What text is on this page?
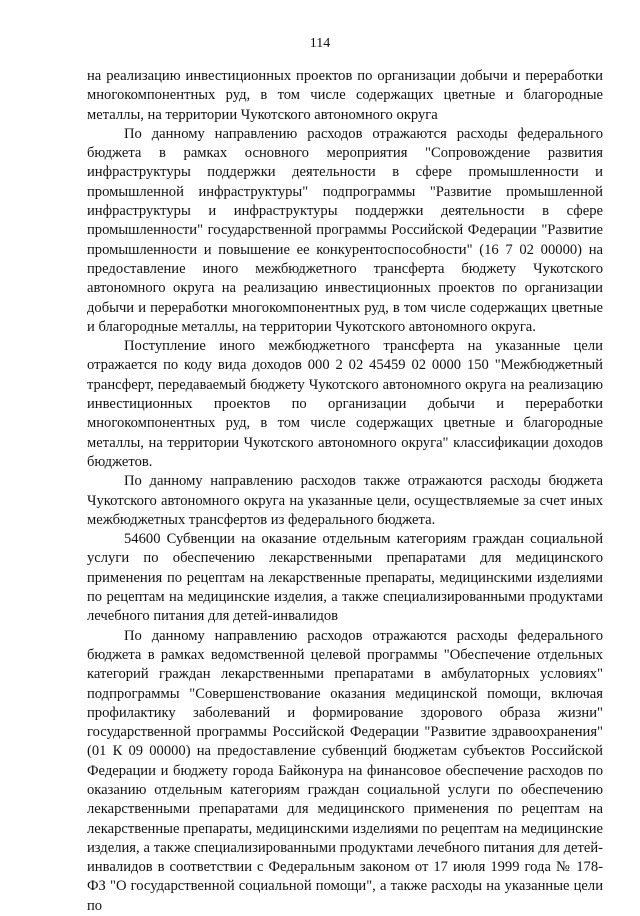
114

на реализацию инвестиционных проектов по организации добычи и переработки многокомпонентных руд, в том числе содержащих цветные и благородные металлы, на территории Чукотского автономного округа

По данному направлению расходов отражаются расходы федерального бюджета в рамках основного мероприятия "Сопровождение развития инфраструктуры поддержки деятельности в сфере промышленности и промышленной инфраструктуры" подпрограммы "Развитие промышленной инфраструктуры и инфраструктуры поддержки деятельности в сфере промышленности" государственной программы Российской Федерации "Развитие промышленности и повышение ее конкурентоспособности" (16 7 02 00000) на предоставление иного межбюджетного трансферта бюджету Чукотского автономного округа на реализацию инвестиционных проектов по организации добычи и переработки многокомпонентных руд, в том числе содержащих цветные и благородные металлы, на территории Чукотского автономного округа.

Поступление иного межбюджетного трансферта на указанные цели отражается по коду вида доходов 000 2 02 45459 02 0000 150 "Межбюджетный трансферт, передаваемый бюджету Чукотского автономного округа на реализацию инвестиционных проектов по организации добычи и переработки многокомпонентных руд, в том числе содержащих цветные и благородные металлы, на территории Чукотского автономного округа" классификации доходов бюджетов.

По данному направлению расходов также отражаются расходы бюджета Чукотского автономного округа на указанные цели, осуществляемые за счет иных межбюджетных трансфертов из федерального бюджета.

54600 Субвенции на оказание отдельным категориям граждан социальной услуги по обеспечению лекарственными препаратами для медицинского применения по рецептам на лекарственные препараты, медицинскими изделиями по рецептам на медицинские изделия, а также специализированными продуктами лечебного питания для детей-инвалидов

По данному направлению расходов отражаются расходы федерального бюджета в рамках ведомственной целевой программы "Обеспечение отдельных категорий граждан лекарственными препаратами в амбулаторных условиях" подпрограммы "Совершенствование оказания медицинской помощи, включая профилактику заболеваний и формирование здорового образа жизни" государственной программы Российской Федерации "Развитие здравоохранения" (01 К 09 00000) на предоставление субвенций бюджетам субъектов Российской Федерации и бюджету города Байконура на финансовое обеспечение расходов по оказанию отдельным категориям граждан социальной услуги по обеспечению лекарственными препаратами для медицинского применения по рецептам на лекарственные препараты, медицинскими изделиями по рецептам на медицинские изделия, а также специализированными продуктами лечебного питания для детей-инвалидов в соответствии с Федеральным законом от 17 июля 1999 года № 178-ФЗ "О государственной социальной помощи", а также расходы на указанные цели по
